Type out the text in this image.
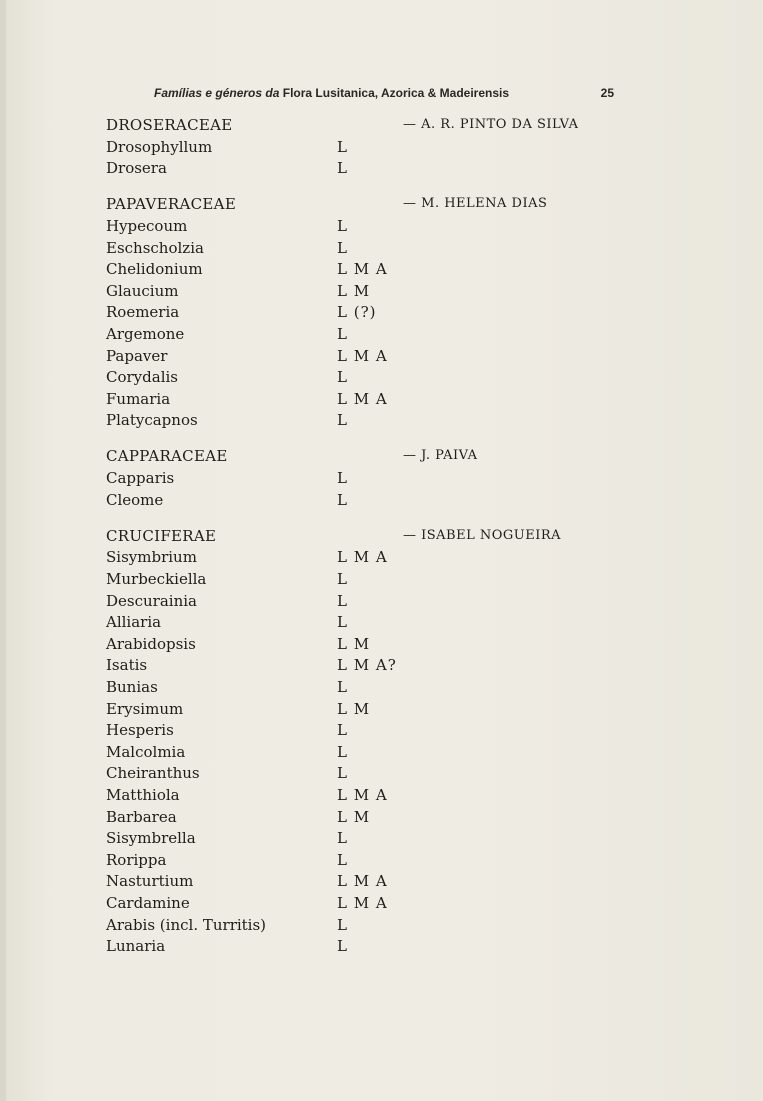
Famílias e géneros da Flora Lusitanica, Azorica & Madeirensis	25
DROSERACEAE	— A. R. PINTO DA SILVA
Drosophyllum	L
Drosera	L
PAPAVERACEAE	— M. HELENA DIAS
Hypecoum	L
Eschscholzia	L
Chelidonium	L M A
Glaucium	L M
Roemeria	L (?)
Argemone	L
Papaver	L M A
Corydalis	L
Fumaria	L M A
Platycapnos	L
CAPPARACEAE	— J. PAIVA
Capparis	L
Cleome	L
CRUCIFERAE	— ISABEL NOGUEIRA
Sisymbrium	L M A
Murbeckiella	L
Descurainia	L
Alliaria	L
Arabidopsis	L M
Isatis	L M A?
Bunias	L
Erysimum	L M
Hesperis	L
Malcolmia	L
Cheiranthus	L
Matthiola	L M A
Barbarea	L M
Sisymbrella	L
Rorippa	L
Nasturtium	L M A
Cardamine	L M A
Arabis (incl. Turritis)	L
Lunaria	L
